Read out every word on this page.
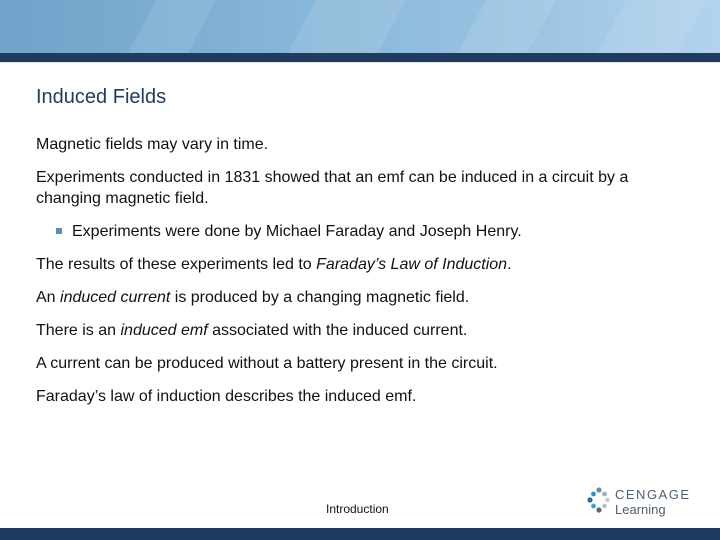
Induced Fields

Magnetic fields may vary in time.

Experiments conducted in 1831 showed that an emf can be induced in a circuit by a changing magnetic field.

Experiments were done by Michael Faraday and Joseph Henry.

The results of these experiments led to Faraday’s Law of Induction.

An induced current is produced by a changing magnetic field.

There is an induced emf associated with the induced current.

A current can be produced without a battery present in the circuit.

Faraday’s law of induction describes the induced emf.

Introduction
CENGAGE
Learning
